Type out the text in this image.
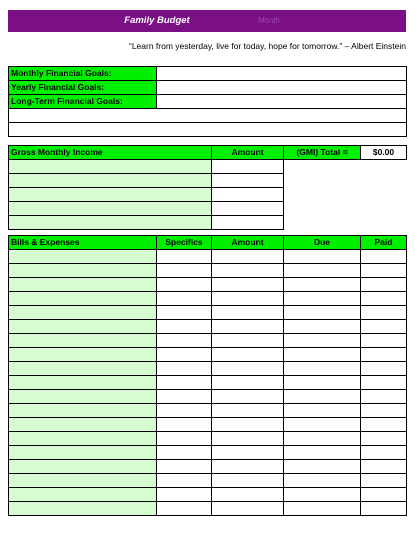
Family Budget	Month
“Learn from yesterday, live for today, hope for tomorrow.” – Albert Einstein
Monthly Financial Goals:	
Yearly Financial Goals:	
Long-Term Financial Goals:	

Gross Monthly Income	Amount	(GMI) Total =	$0.00

Bills & Expenses	Specifics	Amount	Due	Paid
